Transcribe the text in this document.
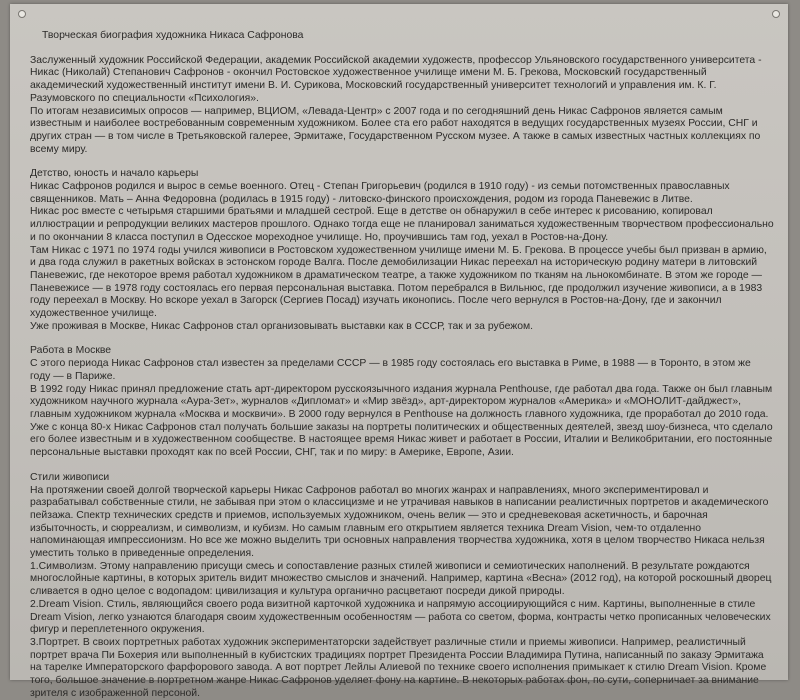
Творческая биография художника Никаса Сафронова

Заслуженный художник Российской Федерации, академик Российской академии художеств, профессор Ульяновского государственного университета - Никас (Николай) Степанович Сафронов - окончил Ростовское художественное училище имени М. Б. Грекова, Московский государственный академический художественный институт имени В. И. Сурикова, Московский государственный университет технологий и управления им. К. Г. Разумовского по специальности «Психология».

По итогам независимых опросов — например, ВЦИОМ, «Левада-Центр» с 2007 года и по сегодняшний день Никас Сафронов является самым известным и наиболее востребованным современным художником. Более ста его работ находятся в ведущих государственных музеях России, СНГ и других стран — в том числе в Третьяковской галерее, Эрмитаже, Государственном Русском музее. А также в самых известных частных коллекциях по всему миру.

Детство, юность и начало карьеры

Никас Сафронов родился и вырос в семье военного. Отец - Степан Григорьевич (родился в 1910 году) - из семьи потомственных православных священников. Мать – Анна Федоровна (родилась в 1915 году) - литовско-финского происхождения, родом из города Паневежис в Литве.

Никас рос вместе с четырьмя старшими братьями и младшей сестрой. Еще в детстве он обнаружил в себе интерес к рисованию, копировал иллюстрации и репродукции великих мастеров прошлого. Однако тогда еще не планировал заниматься художественным творчеством профессионально и по окончании 8 класса поступил в Одесское мореходное училище. Но, проучившись там год, уехал в Ростов-на-Дону.

Там Никас с 1971 по 1974 годы учился живописи в Ростовском художественном училище имени М. Б. Грекова. В процессе учебы был призван в армию, и два года служил в ракетных войсках в эстонском городе Валга. После демобилизации Никас переехал на историческую родину матери в литовский Паневежис, где некоторое время работал художником в драматическом театре, а также художником по тканям на льнокомбинате. В этом же городе — Паневежисе — в 1978 году состоялась его первая персональная выставка. Потом перебрался в Вильнюс, где продолжил изучение живописи, а в 1983 году переехал в Москву. Но вскоре уехал в Загорск (Сергиев Посад) изучать иконопись. После чего вернулся в Ростов-на-Дону, где и закончил художественное училище.

Уже проживая в Москве, Никас Сафронов стал организовывать выставки как в СССР, так и за рубежом.

Работа в Москве

С этого периода Никас Сафронов стал известен за пределами СССР — в 1985 году состоялась его выставка в Риме, в 1988 — в Торонто, в этом же году — в Париже.

В 1992 году Никас принял предложение стать арт-директором русскоязычного издания журнала Penthouse, где работал два года. Также он был главным художником научного журнала «Аура-Зет», журналов «Дипломат» и «Мир звёзд», арт-директором журналов «Америка» и «МОНОЛИТ-дайджест», главным художником журнала «Москва и москвичи». В 2000 году вернулся в Penthouse на должность главного художника, где проработал до 2010 года. Уже с конца 80-х Никас Сафронов стал получать большие заказы на портреты политических и общественных деятелей, звезд шоу-бизнеса, что сделало его более известным и в художественном сообществе. В настоящее время Никас живет и работает в России, Италии и Великобритании, его постоянные персональные выставки проходят как по всей России, СНГ, так и по миру: в Америке, Европе, Азии.

Стили живописи

На протяжении своей долгой творческой карьеры Никас Сафронов работал во многих жанрах и направлениях, много экспериментировал и разрабатывал собственные стили, не забывая при этом о классицизме и не утрачивая навыков в написании реалистичных портретов и академического пейзажа. Спектр технических средств и приемов, используемых художником, очень велик — это и средневековая аскетичность, и барочная избыточность, и сюрреализм, и символизм, и кубизм. Но самым главным его открытием является техника Dream Vision, чем-то отдаленно напоминающая импрессионизм. Но все же можно выделить три основных направления творчества художника, хотя в целом творчество Никаса нельзя уместить только в приведенные определения.

1.Символизм. Этому направлению присущи смесь и сопоставление разных стилей живописи и семиотических наполнений. В результате рождаются многослойные картины, в которых зритель видит множество смыслов и значений. Например, картина «Весна» (2012 год), на которой роскошный дворец сливается в одно целое с водопадом: цивилизация и культура органично расцветают посреди дикой природы.

2.Dream Vision. Стиль, являющийся своего рода визитной карточкой художника и напрямую ассоциирующийся с ним. Картины, выполненные в стиле Dream Vision, легко узнаются благодаря своим художественным особенностям — работа со светом, форма, контрасты четко прописанных человеческих фигур и переплетенного окружения.

3.Портрет. В своих портретных работах художник экспериментаторски задействует различные стили и приемы живописи. Например, реалистичный портрет врача Пи Бохерия или выполненный в кубистских традициях портрет Президента России Владимира Путина, написанный по заказу Эрмитажа на тарелке Императорского фарфорового завода. А вот портрет Лейлы Алиевой по технике своего исполнения примыкает к стилю Dream Vision. Кроме того, большое значение в портретном жанре Никас Сафронов уделяет фону на картине. В некоторых работах фон, по сути, соперничает за внимание зрителя с изображенной персоной.
